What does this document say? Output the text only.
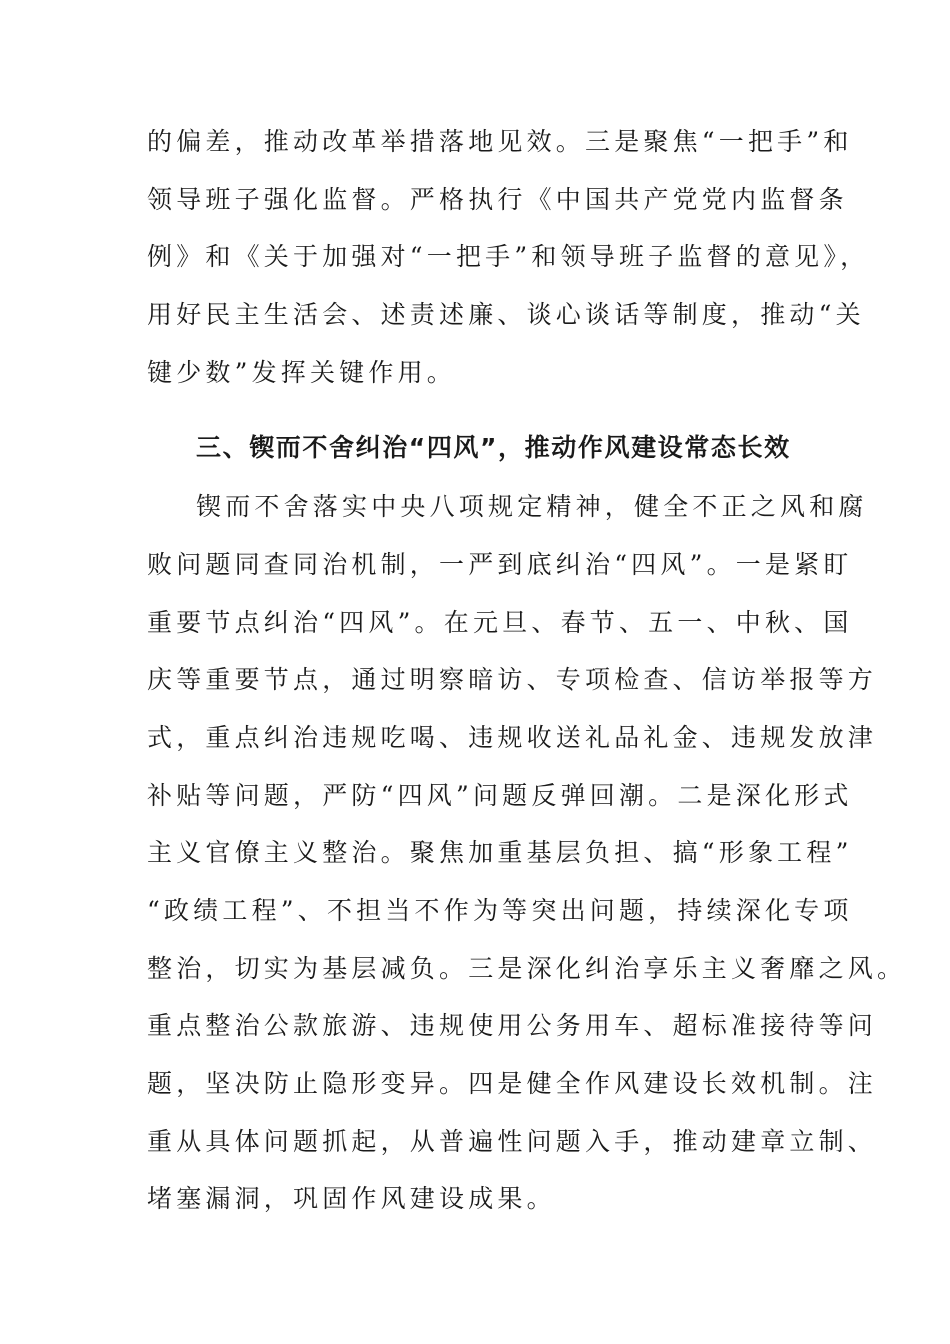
的偏差，推动改革举措落地见效。三是聚焦“一把手”和
领导班子强化监督。严格执行《中国共产党党内监督条
例》和《关于加强对“一把手”和领导班子监督的意见》，
用好民主生活会、述责述廉、谈心谈话等制度，推动“关
键少数”发挥关键作用。
三、锲而不舍纠治“四风”，推动作风建设常态长效
锲而不舍落实中央八项规定精神，健全不正之风和腐
败问题同查同治机制，一严到底纠治“四风”。一是紧盯
重要节点纠治“四风”。在元旦、春节、五一、中秋、国
庆等重要节点，通过明察暗访、专项检查、信访举报等方
式，重点纠治违规吃喝、违规收送礼品礼金、违规发放津
补贴等问题，严防“四风”问题反弹回潮。二是深化形式
主义官僚主义整治。聚焦加重基层负担、搞“形象工程”
“政绩工程”、不担当不作为等突出问题，持续深化专项
整治，切实为基层减负。三是深化纠治享乐主义奢靡之风。
重点整治公款旅游、违规使用公务用车、超标准接待等问
题，坚决防止隐形变异。四是健全作风建设长效机制。注
重从具体问题抓起，从普遍性问题入手，推动建章立制、
堵塞漏洞，巩固作风建设成果。
